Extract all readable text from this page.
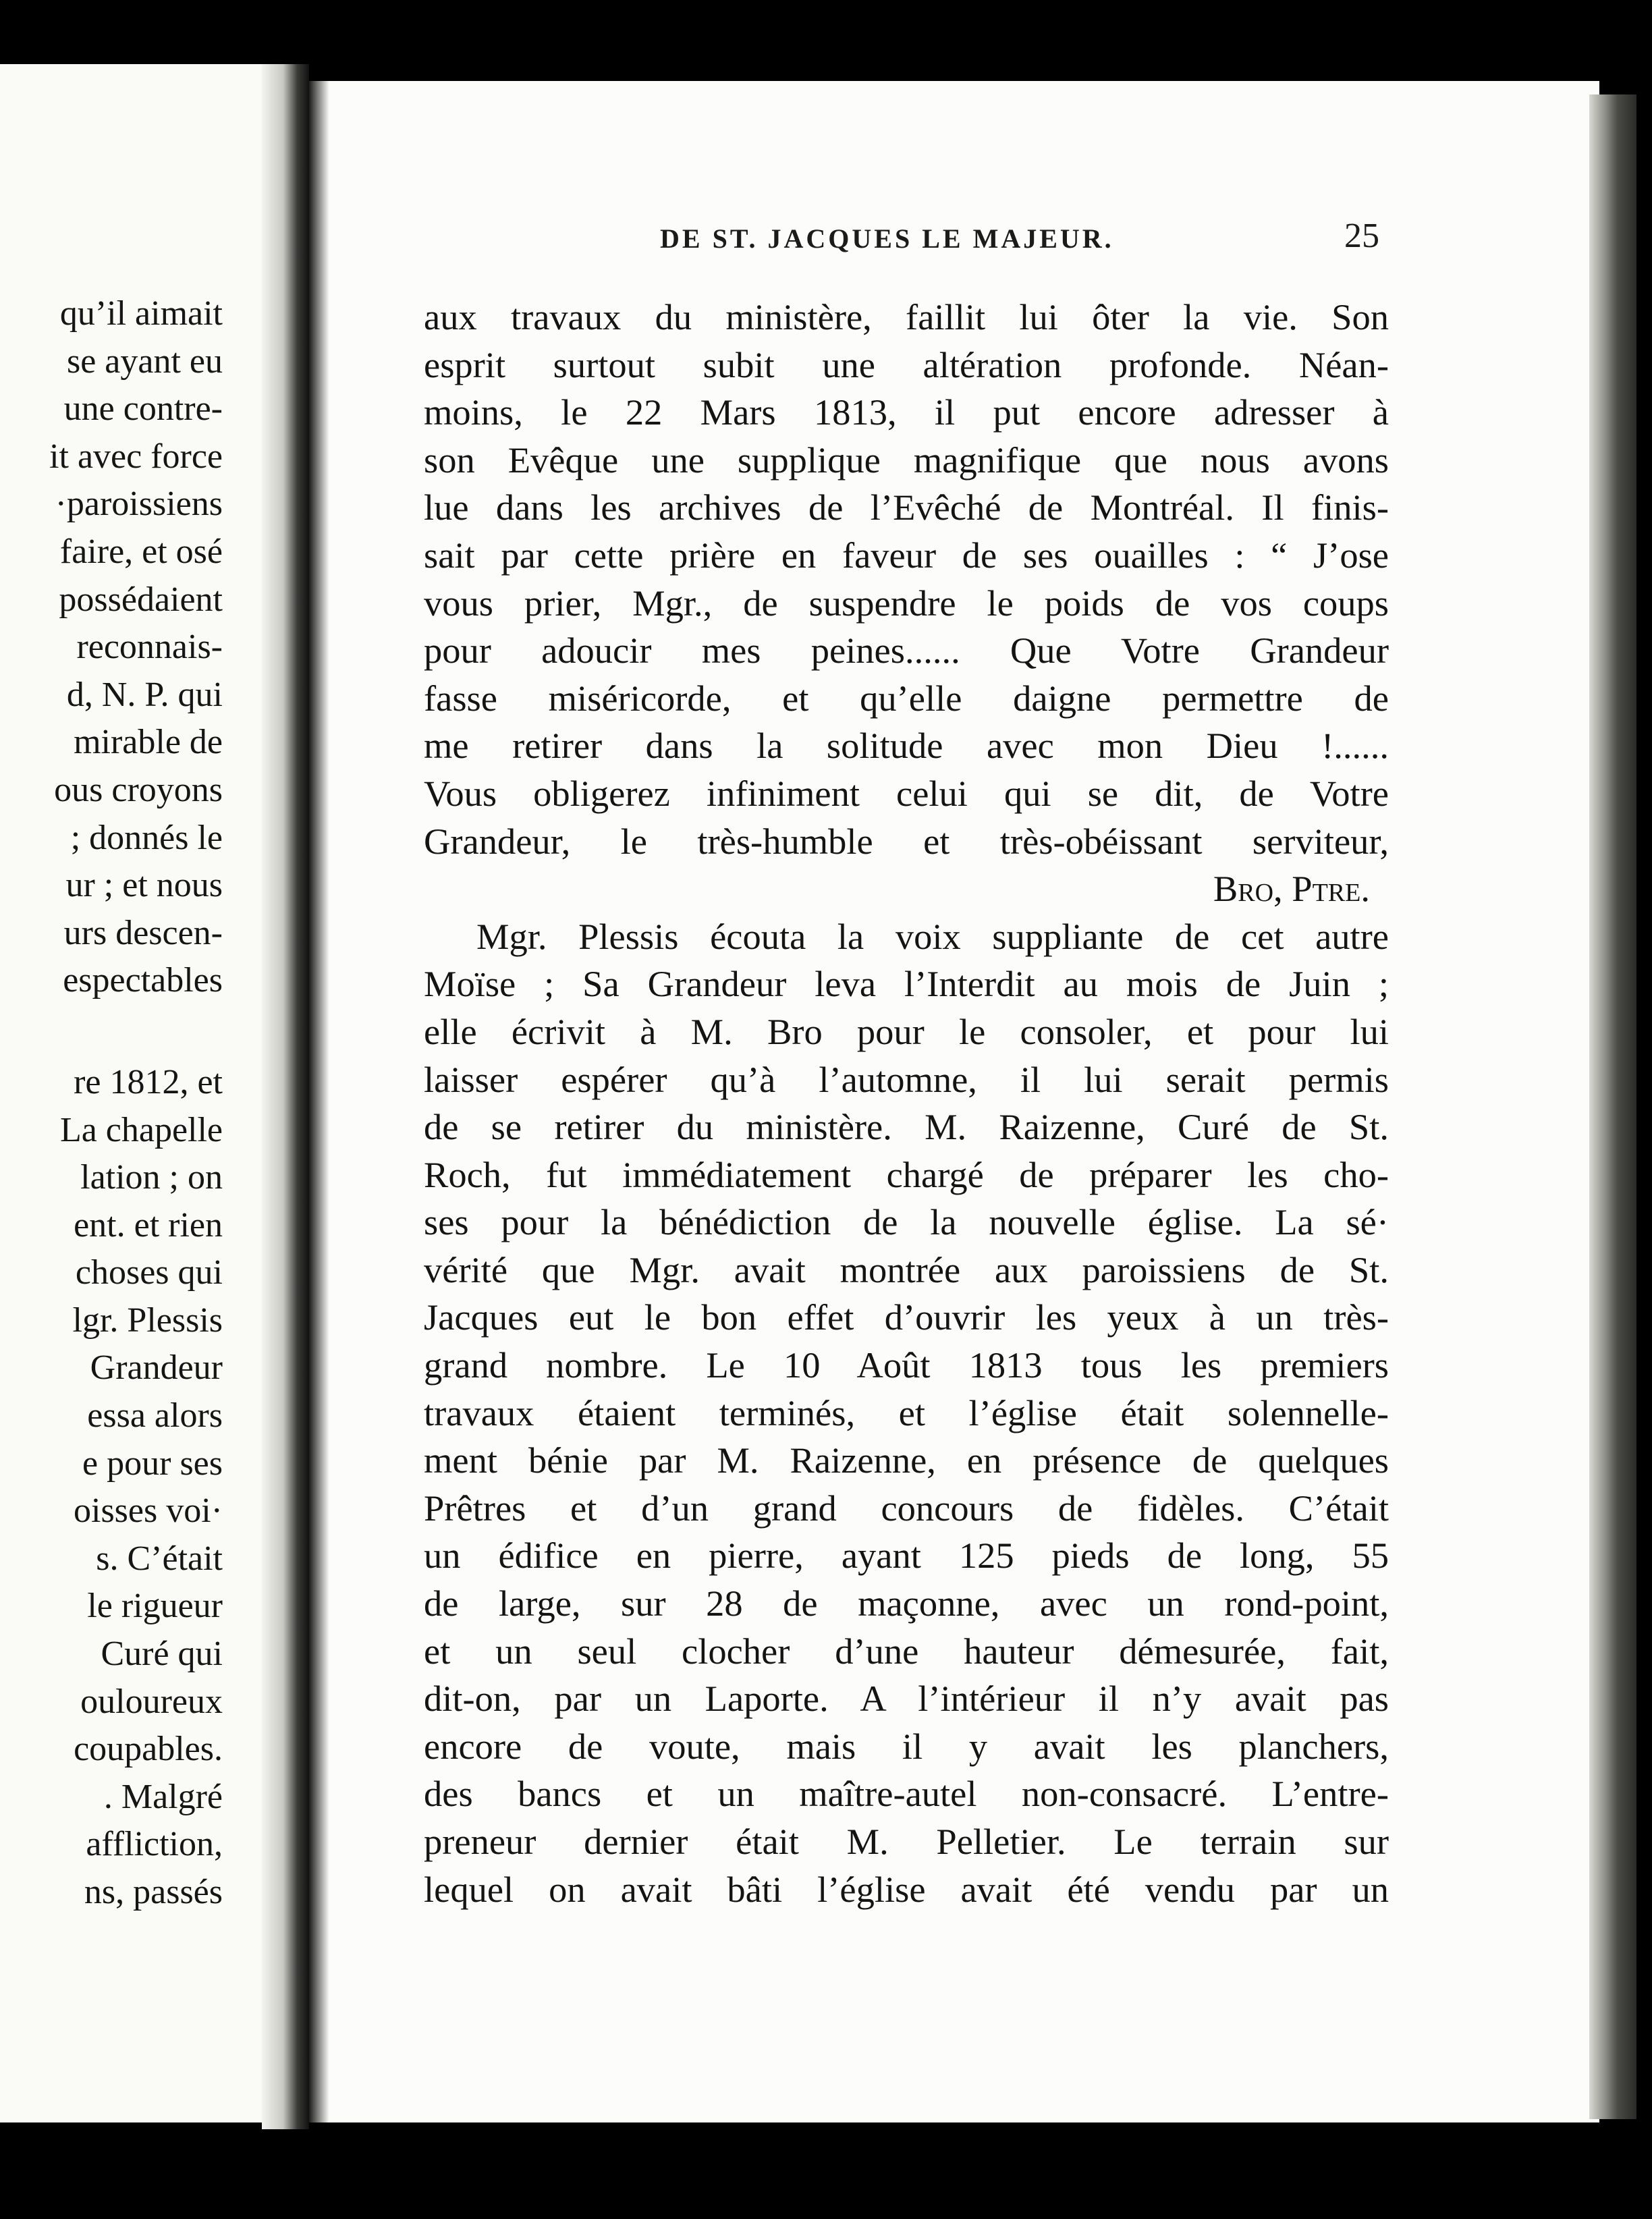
qu’il aimait
se ayant eu
une contre-
it avec force
·paroissiens
faire, et osé
possédaient
reconnais-
d, N. P. qui
mirable de
ous croyons
; donnés le
ur ; et nous
urs descen-
espectables
re 1812, et
La chapelle
lation ; on
ent. et rien
choses qui
lgr. Plessis
Grandeur
essa alors
e pour ses
oisses voi·
s. C’était
le rigueur
Curé qui
ouloureux
coupables.
. Malgré
affliction,
ns, passés
DE ST. JACQUES LE MAJEUR.	25
aux travaux du ministère, faillit lui ôter la vie. Son
esprit surtout subit une altération profonde. Néan-
moins, le 22 Mars 1813, il put encore adresser à
son Evêque une supplique magnifique que nous avons
lue dans les archives de l’Evêché de Montréal. Il finis-
sait par cette prière en faveur de ses ouailles : “ J’ose
vous prier, Mgr., de suspendre le poids de vos coups
pour adoucir mes peines...... Que Votre Grandeur
fasse miséricorde, et qu’elle daigne permettre de
me retirer dans la solitude avec mon Dieu !......
Vous obligerez infiniment celui qui se dit, de Votre
Grandeur, le très-humble et très-obéissant serviteur,
Bro, Ptre.
Mgr. Plessis écouta la voix suppliante de cet autre
Moïse ; Sa Grandeur leva l’Interdit au mois de Juin ;
elle écrivit à M. Bro pour le consoler, et pour lui
laisser espérer qu’à l’automne, il lui serait permis
de se retirer du ministère. M. Raizenne, Curé de St.
Roch, fut immédiatement chargé de préparer les cho-
ses pour la bénédiction de la nouvelle église. La sé·
vérité que Mgr. avait montrée aux paroissiens de St.
Jacques eut le bon effet d’ouvrir les yeux à un très-
grand nombre. Le 10 Août 1813 tous les premiers
travaux étaient terminés, et l’église était solennelle-
ment bénie par M. Raizenne, en présence de quelques
Prêtres et d’un grand concours de fidèles. C’était
un édifice en pierre, ayant 125 pieds de long, 55
de large, sur 28 de maçonne, avec un rond-point,
et un seul clocher d’une hauteur démesurée, fait,
dit-on, par un Laporte. A l’intérieur il n’y avait pas
encore de voute, mais il y avait les planchers,
des bancs et un maître-autel non-consacré. L’entre-
preneur dernier était M. Pelletier. Le terrain sur
lequel on avait bâti l’église avait été vendu par un
